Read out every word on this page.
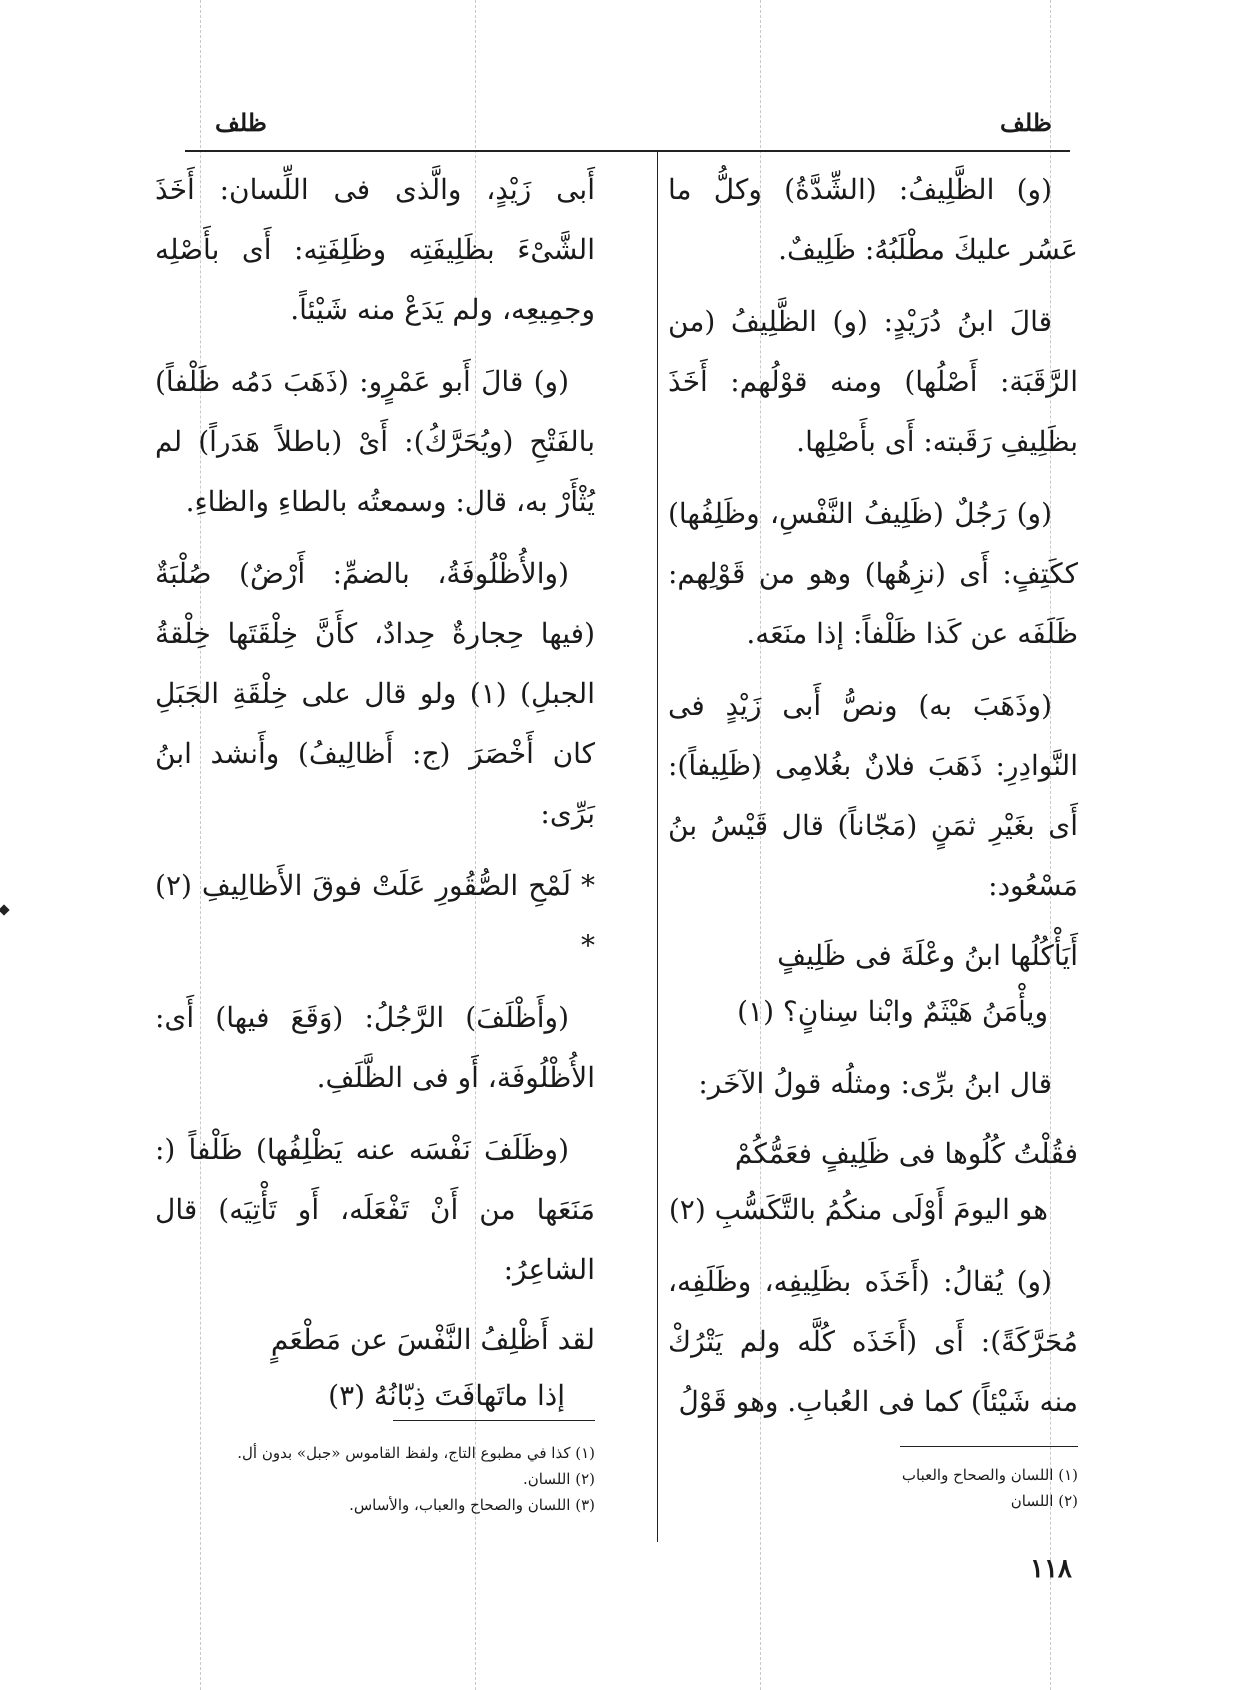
ظلف
ظلف

(و) الظَّلِيفُ: (الشِّدَّةُ) وكلُّ ما عَسُر عليكَ مطْلَبُهُ: ظَلِيفٌ.

قالَ ابنُ دُرَيْدٍ: (و) الظَّلِيفُ (من الرَّقَبَة: أَصْلُها) ومنه قوْلُهم: أَخَذَ بظَلِيفِ رَقَبته: أَى بأَصْلِها.

(و) رَجُلٌ (ظَلِيفُ النَّفْسِ، وظَلِفُها) ككَتِفٍ: أَى (نزِهُها) وهو من قَوْلِهم: ظَلَفَه عن كَذا ظَلْفاً: إذا منَعَه.

(وذَهَبَ به) ونصُّ أَبى زَيْدٍ فى النَّوادِرِ: ذَهَبَ فلانٌ بغُلامِى (ظَلِيفاً): أَى بغَيْرِ ثمَنٍ (مَجّاناً) قال قَيْسُ بنُ مَسْعُود:

أَيَأْكُلُها ابنُ وعْلَةَ فى ظَلِيفٍ
ويأْمَنُ هَيْثَمٌ وابْنا سِنانٍ؟ (١)

قال ابنُ برِّى: ومثلُه قولُ الآخَر:

فقُلْتُ كُلُوها فى ظَلِيفٍ فعَمُّكُمْ
هو اليومَ أَوْلَى منكُمُ بالتَّكَسُّبِ (٢)

(و) يُقالُ: (أَخَذَه بظَلِيفِه، وظَلَفِه، مُحَرَّكَةً): أَى (أَخَذَه كُلَّه ولم يَتْرُكْ منه شَيْئاً) كما فى العُبابِ. وهو قَوْلُ

أَبى زَيْدٍ، والَّذى فى اللِّسان: أَخَذَ الشَّىْءَ بظَلِيفَتِه وظَلِفَتِه: أَى بأَصْلِه وجمِيعِه، ولم يَدَعْ منه شَيْئاً.

(و) قالَ أَبو عَمْرٍو: (ذَهَبَ دَمُه ظَلْفاً) بالفَتْحِ (ويُحَرَّكُ): أَىْ (باطلاً هَدَراً) لم يُثْأَرْ به، قال: وسمعتُه بالطاءِ والظاءِ.

(والأُظْلُوفَةُ، بالضمِّ: أَرْضٌ) صُلْبَةٌ (فيها حِجارةٌ حِدادٌ، كأَنَّ خِلْقَتَها خِلْقةُ الجبلِ) (١) ولو قال على خِلْقَةِ الجَبَلِ كان أَخْصَرَ (ج: أَظالِيفُ) وأَنشد ابنُ بَرِّى:

* لَمْحِ الصُّقُورِ عَلَتْ فوقَ الأَظالِيفِ (٢) *

(وأَظْلَفَ) الرَّجُلُ: (وَقَعَ فيها) أَى: الأُظْلُوفَة، أَو فى الظَّلَفِ.

(وظَلَفَ نَفْسَه عنه يَظْلِفُها) ظَلْفاً (: مَنَعَها من أَنْ تَفْعَلَه، أَو تَأْتِيَه) قال الشاعِرُ:

لقد أَظْلِفُ النَّفْسَ عن مَطْعَمٍ
إذا ماتَهافَتَ ذِبّانُهُ (٣)
(١) اللسان والصحاح والعباب
(٢) اللسان
(١) كذا في مطبوع التاج، ولفظ القاموس «جبل» بدون أل.
(٢) اللسان.
(٣) اللسان والصحاح والعباب، والأساس.
١١٨
